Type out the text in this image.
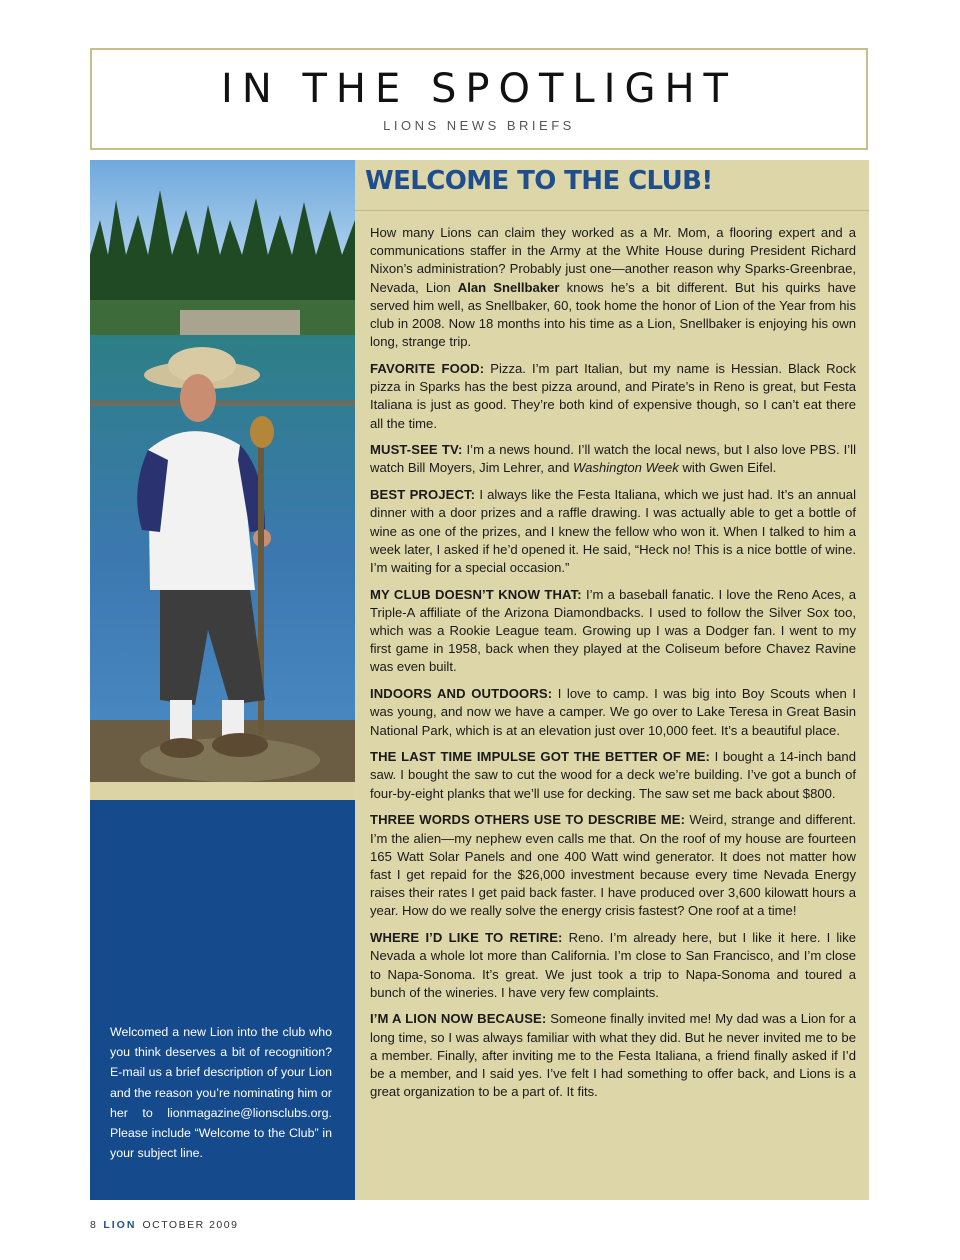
IN THE SPOTLIGHT
LIONS NEWS BRIEFS
Welcomed a new Lion into the club who you think deserves a bit of recognition? E-mail us a brief description of your Lion and the reason you’re nominating him or her to lionmagazine@lionsclubs.org. Please include “Welcome to the Club” in your subject line.
WELCOME TO THE CLUB!

How many Lions can claim they worked as a Mr. Mom, a flooring expert and a communications staffer in the Army at the White House during President Richard Nixon’s administration? Probably just one—another reason why Sparks-Greenbrae, Nevada, Lion Alan Snellbaker knows he’s a bit different. But his quirks have served him well, as Snellbaker, 60, took home the honor of Lion of the Year from his club in 2008. Now 18 months into his time as a Lion, Snellbaker is enjoying his own long, strange trip.

FAVORITE FOOD: Pizza. I’m part Italian, but my name is Hessian. Black Rock pizza in Sparks has the best pizza around, and Pirate’s in Reno is great, but Festa Italiana is just as good. They’re both kind of expensive though, so I can’t eat there all the time.

MUST-SEE TV: I’m a news hound. I’ll watch the local news, but I also love PBS. I’ll watch Bill Moyers, Jim Lehrer, and Washington Week with Gwen Eifel.

BEST PROJECT: I always like the Festa Italiana, which we just had. It’s an annual dinner with a door prizes and a raffle drawing. I was actually able to get a bottle of wine as one of the prizes, and I knew the fellow who won it. When I talked to him a week later, I asked if he’d opened it. He said, “Heck no! This is a nice bottle of wine. I’m waiting for a special occasion.”

MY CLUB DOESN’T KNOW THAT: I’m a baseball fanatic. I love the Reno Aces, a Triple-A affiliate of the Arizona Diamondbacks. I used to follow the Silver Sox too, which was a Rookie League team. Growing up I was a Dodger fan. I went to my first game in 1958, back when they played at the Coliseum before Chavez Ravine was even built.

INDOORS AND OUTDOORS: I love to camp. I was big into Boy Scouts when I was young, and now we have a camper. We go over to Lake Teresa in Great Basin National Park, which is at an elevation just over 10,000 feet. It’s a beautiful place.

THE LAST TIME IMPULSE GOT THE BETTER OF ME: I bought a 14-inch band saw. I bought the saw to cut the wood for a deck we’re building. I’ve got a bunch of four-by-eight planks that we’ll use for decking. The saw set me back about $800.

THREE WORDS OTHERS USE TO DESCRIBE ME: Weird, strange and different. I’m the alien—my nephew even calls me that. On the roof of my house are fourteen 165 Watt Solar Panels and one 400 Watt wind generator. It does not matter how fast I get repaid for the $26,000 investment because every time Nevada Energy raises their rates I get paid back faster. I have produced over 3,600 kilowatt hours a year. How do we really solve the energy crisis fastest? One roof at a time!

WHERE I’D LIKE TO RETIRE: Reno. I’m already here, but I like it here. I like Nevada a whole lot more than California. I’m close to San Francisco, and I’m close to Napa-Sonoma. It’s great. We just took a trip to Napa-Sonoma and toured a bunch of the wineries. I have very few complaints.

I’M A LION NOW BECAUSE: Someone finally invited me! My dad was a Lion for a long time, so I was always familiar with what they did. But he never invited me to be a member. Finally, after inviting me to the Festa Italiana, a friend finally asked if I’d be a member, and I said yes. I’ve felt I had something to offer back, and Lions is a great organization to be a part of. It fits.

8 LION OCTOBER 2009
